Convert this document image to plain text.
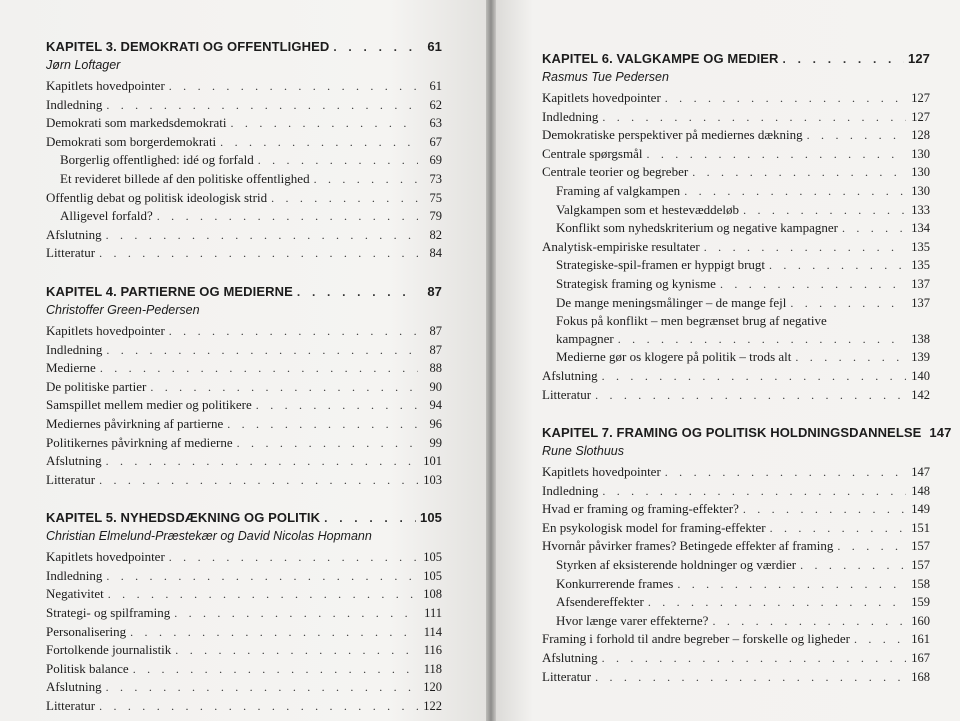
KAPITEL 3. DEMOKRATI OG OFFENTLIGHED . . .	61
Jørn Loftager
Kapitlets hovedpointer . . .	61
Indledning . . .	62
Demokrati som markedsdemokrati . . .	63
Demokrati som borgerdemokrati . . .	67
Borgerlig offentlighed: idé og forfald . . .	69
Et revideret billede af den politiske offentlighed . . .	73
Offentlig debat og politisk ideologisk strid . . .	75
Alligevel forfald? . . .	79
Afslutning . . .	82
Litteratur . . .	84
KAPITEL 4. PARTIERNE OG MEDIERNE . . .	87
Christoffer Green-Pedersen
Kapitlets hovedpointer . . .	87
Indledning . . .	87
Medierne . . .	88
De politiske partier . . .	90
Samspillet mellem medier og politikere . . .	94
Mediernes påvirkning af partierne . . .	96
Politikernes påvirkning af medierne . . .	99
Afslutning . . .	101
Litteratur . . .	103
KAPITEL 5. NYHEDSDÆKNING OG POLITIK . . .	105
Christian Elmelund-Præstekær og David Nicolas Hopmann
Kapitlets hovedpointer . . .	105
Indledning . . .	105
Negativitet . . .	108
Strategi- og spilframing . . .	111
Personalisering . . .	114
Fortolkende journalistik . . .	116
Politisk balance . . .	118
Afslutning . . .	120
Litteratur . . .	122
KAPITEL 6. VALGKAMPE OG MEDIER . . .	127
Rasmus Tue Pedersen
Kapitlets hovedpointer . . .	127
Indledning . . .	127
Demokratiske perspektiver på mediernes dækning . . .	128
Centrale spørgsmål . . .	130
Centrale teorier og begreber . . .	130
Framing af valgkampen . . .	130
Valgkampen som et hestevæddeløb . . .	133
Konflikt som nyhedskriterium og negative kampagner . . .	134
Analytisk-empiriske resultater . . .	135
Strategiske-spil-framen er hyppigt brugt . . .	135
Strategisk framing og kynisme . . .	137
De mange meningsmålinger – de mange fejl . . .	137
Fokus på konflikt – men begrænset brug af negative
kampagner . . .	138
Medierne gør os klogere på politik – trods alt . . .	139
Afslutning . . .	140
Litteratur . . .	142
KAPITEL 7. FRAMING OG POLITISK HOLDNINGSDANNELSE 147
Rune Slothuus
Kapitlets hovedpointer . . .	147
Indledning . . .	148
Hvad er framing og framing-effekter? . . .	149
En psykologisk model for framing-effekter . . .	151
Hvornår påvirker frames? Betingede effekter af framing . . .	157
Styrken af eksisterende holdninger og værdier . . .	157
Konkurrerende frames . . .	158
Afsendereffekter . . .	159
Hvor længe varer effekterne? . . .	160
Framing i forhold til andre begreber – forskelle og ligheder . . .	161
Afslutning . . .	167
Litteratur . . .	168
